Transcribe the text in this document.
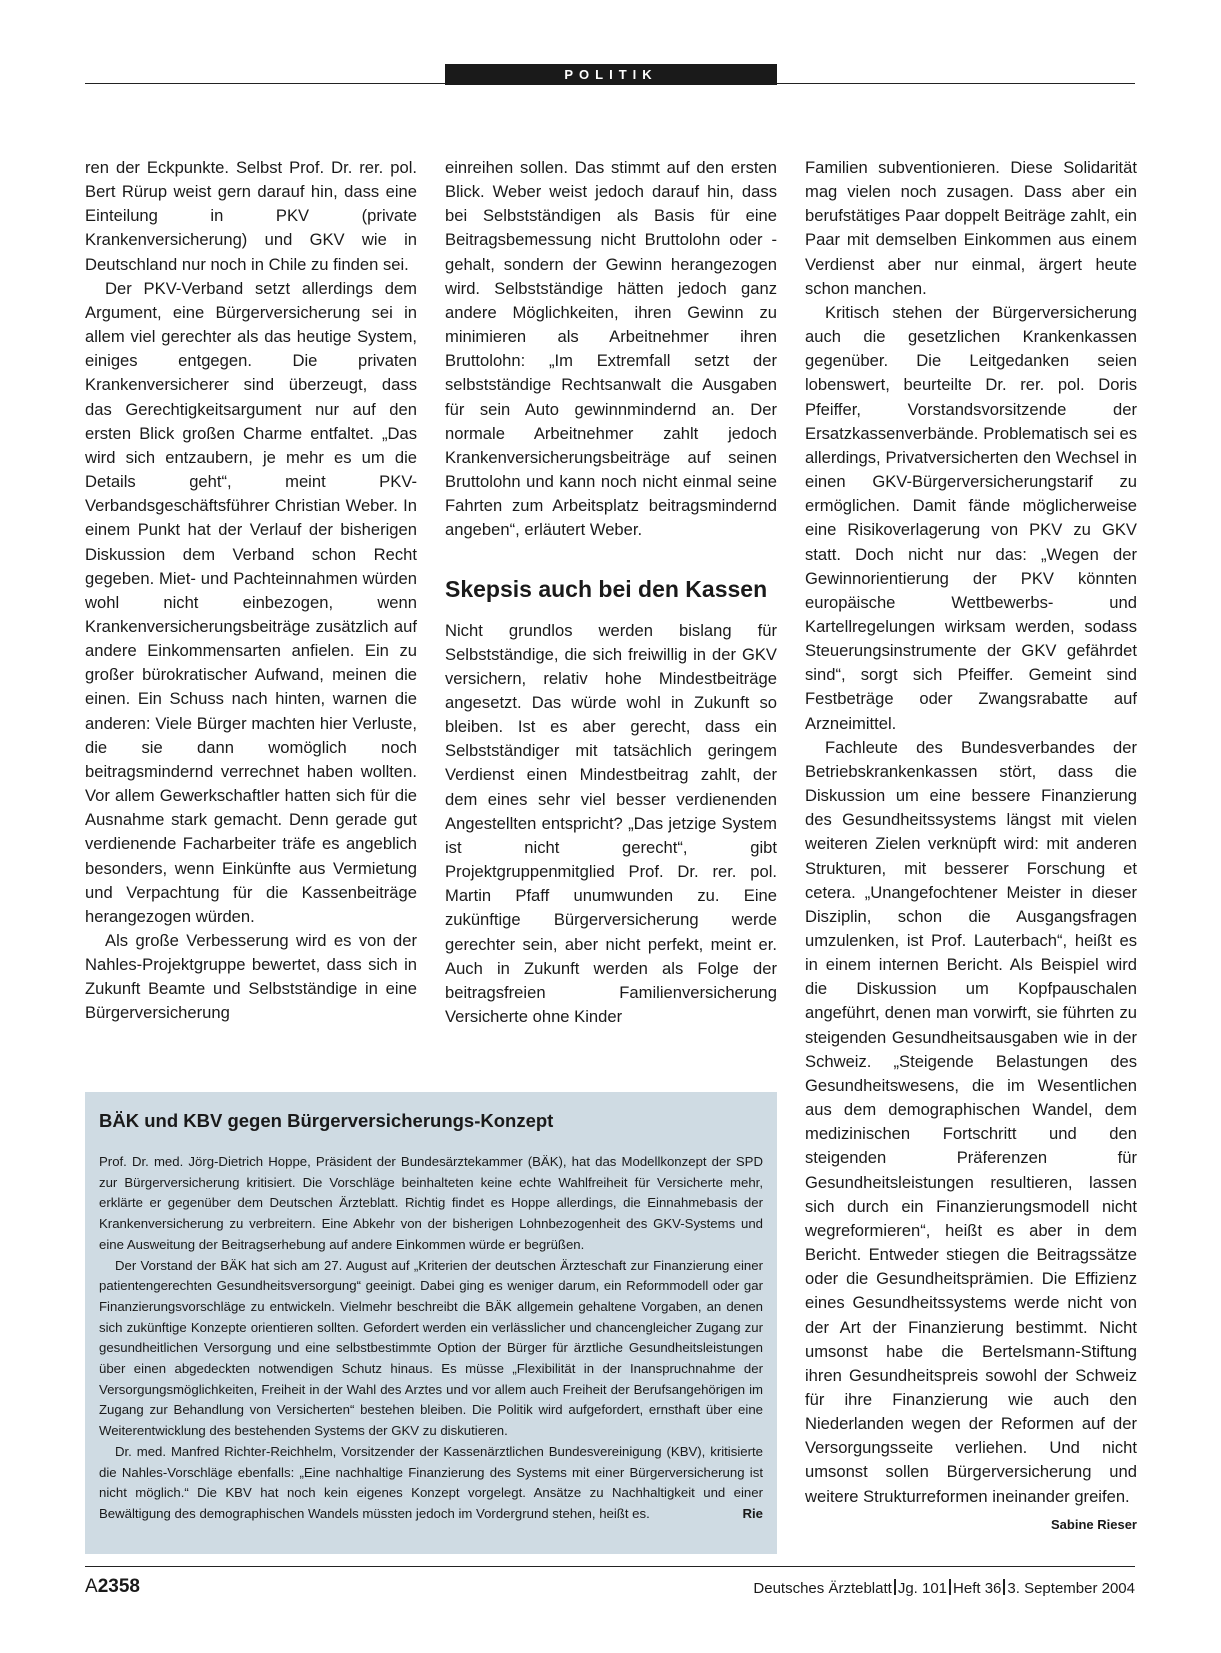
POLITIK

ren der Eckpunkte. Selbst Prof. Dr. rer. pol. Bert Rürup weist gern darauf hin, dass eine Einteilung in PKV (private Krankenversicherung) und GKV wie in Deutschland nur noch in Chile zu finden sei.

Der PKV-Verband setzt allerdings dem Argument, eine Bürgerversicherung sei in allem viel gerechter als das heutige System, einiges entgegen. Die privaten Krankenversicherer sind überzeugt, dass das Gerechtigkeitsargument nur auf den ersten Blick großen Charme entfaltet. „Das wird sich entzaubern, je mehr es um die Details geht“, meint PKV-Verbandsgeschäftsführer Christian Weber. In einem Punkt hat der Verlauf der bisherigen Diskussion dem Verband schon Recht gegeben. Miet- und Pachteinnahmen würden wohl nicht einbezogen, wenn Krankenversicherungsbeiträge zusätzlich auf andere Einkommensarten anfielen. Ein zu großer bürokratischer Aufwand, meinen die einen. Ein Schuss nach hinten, warnen die anderen: Viele Bürger machten hier Verluste, die sie dann womöglich noch beitragsmindernd verrechnet haben wollten. Vor allem Gewerkschaftler hatten sich für die Ausnahme stark gemacht. Denn gerade gut verdienende Facharbeiter träfe es angeblich besonders, wenn Einkünfte aus Vermietung und Verpachtung für die Kassenbeiträge herangezogen würden.

Als große Verbesserung wird es von der Nahles-Projektgruppe bewertet, dass sich in Zukunft Beamte und Selbstständige in eine Bürgerversicherung

einreihen sollen. Das stimmt auf den ersten Blick. Weber weist jedoch darauf hin, dass bei Selbstständigen als Basis für eine Beitragsbemessung nicht Bruttolohn oder -gehalt, sondern der Gewinn herangezogen wird. Selbstständige hätten jedoch ganz andere Möglichkeiten, ihren Gewinn zu minimieren als Arbeitnehmer ihren Bruttolohn: „Im Extremfall setzt der selbstständige Rechtsanwalt die Ausgaben für sein Auto gewinnmindernd an. Der normale Arbeitnehmer zahlt jedoch Krankenversicherungsbeiträge auf seinen Bruttolohn und kann noch nicht einmal seine Fahrten zum Arbeitsplatz beitragsmindernd angeben“, erläutert Weber.

Skepsis auch bei den Kassen

Nicht grundlos werden bislang für Selbstständige, die sich freiwillig in der GKV versichern, relativ hohe Mindestbeiträge angesetzt. Das würde wohl in Zukunft so bleiben. Ist es aber gerecht, dass ein Selbstständiger mit tatsächlich geringem Verdienst einen Mindestbeitrag zahlt, der dem eines sehr viel besser verdienenden Angestellten entspricht? „Das jetzige System ist nicht gerecht“, gibt Projektgruppenmitglied Prof. Dr. rer. pol. Martin Pfaff unumwunden zu. Eine zukünftige Bürgerversicherung werde gerechter sein, aber nicht perfekt, meint er. Auch in Zukunft werden als Folge der beitragsfreien Familienversicherung Versicherte ohne Kinder

Familien subventionieren. Diese Solidarität mag vielen noch zusagen. Dass aber ein berufstätiges Paar doppelt Beiträge zahlt, ein Paar mit demselben Einkommen aus einem Verdienst aber nur einmal, ärgert heute schon manchen.

Kritisch stehen der Bürgerversicherung auch die gesetzlichen Krankenkassen gegenüber. Die Leitgedanken seien lobenswert, beurteilte Dr. rer. pol. Doris Pfeiffer, Vorstandsvorsitzende der Ersatzkassenverbände. Problematisch sei es allerdings, Privatversicherten den Wechsel in einen GKV-Bürgerversicherungstarif zu ermöglichen. Damit fände möglicherweise eine Risikoverlagerung von PKV zu GKV statt. Doch nicht nur das: „Wegen der Gewinnorientierung der PKV könnten europäische Wettbewerbs- und Kartellregelungen wirksam werden, sodass Steuerungsinstrumente der GKV gefährdet sind“, sorgt sich Pfeiffer. Gemeint sind Festbeträge oder Zwangsrabatte auf Arzneimittel.

Fachleute des Bundesverbandes der Betriebskrankenkassen stört, dass die Diskussion um eine bessere Finanzierung des Gesundheitssystems längst mit vielen weiteren Zielen verknüpft wird: mit anderen Strukturen, mit besserer Forschung et cetera. „Unangefochtener Meister in dieser Disziplin, schon die Ausgangsfragen umzulenken, ist Prof. Lauterbach“, heißt es in einem internen Bericht. Als Beispiel wird die Diskussion um Kopfpauschalen angeführt, denen man vorwirft, sie führten zu steigenden Gesundheitsausgaben wie in der Schweiz. „Steigende Belastungen des Gesundheitswesens, die im Wesentlichen aus dem demographischen Wandel, dem medizinischen Fortschritt und den steigenden Präferenzen für Gesundheitsleistungen resultieren, lassen sich durch ein Finanzierungsmodell nicht wegreformieren“, heißt es aber in dem Bericht. Entweder stiegen die Beitragssätze oder die Gesundheitsprämien. Die Effizienz eines Gesundheitssystems werde nicht von der Art der Finanzierung bestimmt. Nicht umsonst habe die Bertelsmann-Stiftung ihren Gesundheitspreis sowohl der Schweiz für ihre Finanzierung wie auch den Niederlanden wegen der Reformen auf der Versorgungsseite verliehen. Und nicht umsonst sollen Bürgerversicherung und weitere Strukturreformen ineinander greifen.
Sabine Rieser

BÄK und KBV gegen Bürgerversicherungs-Konzept

Prof. Dr. med. Jörg-Dietrich Hoppe, Präsident der Bundesärztekammer (BÄK), hat das Modellkonzept der SPD zur Bürgerversicherung kritisiert. Die Vorschläge beinhalteten keine echte Wahlfreiheit für Versicherte mehr, erklärte er gegenüber dem Deutschen Ärzteblatt. Richtig findet es Hoppe allerdings, die Einnahmebasis der Krankenversicherung zu verbreitern. Eine Abkehr von der bisherigen Lohnbezogenheit des GKV-Systems und eine Ausweitung der Beitragserhebung auf andere Einkommen würde er begrüßen.

Der Vorstand der BÄK hat sich am 27. August auf „Kriterien der deutschen Ärzteschaft zur Finanzierung einer patientengerechten Gesundheitsversorgung“ geeinigt. Dabei ging es weniger darum, ein Reformmodell oder gar Finanzierungsvorschläge zu entwickeln. Vielmehr beschreibt die BÄK allgemein gehaltene Vorgaben, an denen sich zukünftige Konzepte orientieren sollten. Gefordert werden ein verlässlicher und chancengleicher Zugang zur gesundheitlichen Versorgung und eine selbstbestimmte Option der Bürger für ärztliche Gesundheitsleistungen über einen abgedeckten notwendigen Schutz hinaus. Es müsse „Flexibilität in der Inanspruchnahme der Versorgungsmöglichkeiten, Freiheit in der Wahl des Arztes und vor allem auch Freiheit der Berufsangehörigen im Zugang zur Behandlung von Versicherten“ bestehen bleiben. Die Politik wird aufgefordert, ernsthaft über eine Weiterentwicklung des bestehenden Systems der GKV zu diskutieren.

Dr. med. Manfred Richter-Reichhelm, Vorsitzender der Kassenärztlichen Bundesvereinigung (KBV), kritisierte die Nahles-Vorschläge ebenfalls: „Eine nachhaltige Finanzierung des Systems mit einer Bürgerversicherung ist nicht möglich.“ Die KBV hat noch kein eigenes Konzept vorgelegt. Ansätze zu Nachhaltigkeit und einer Bewältigung des demographischen Wandels müssten jedoch im Vordergrund stehen, heißt es.	Rie

A2358	Deutsches Ärzteblatt Jg. 101 Heft 36 3. September 2004
